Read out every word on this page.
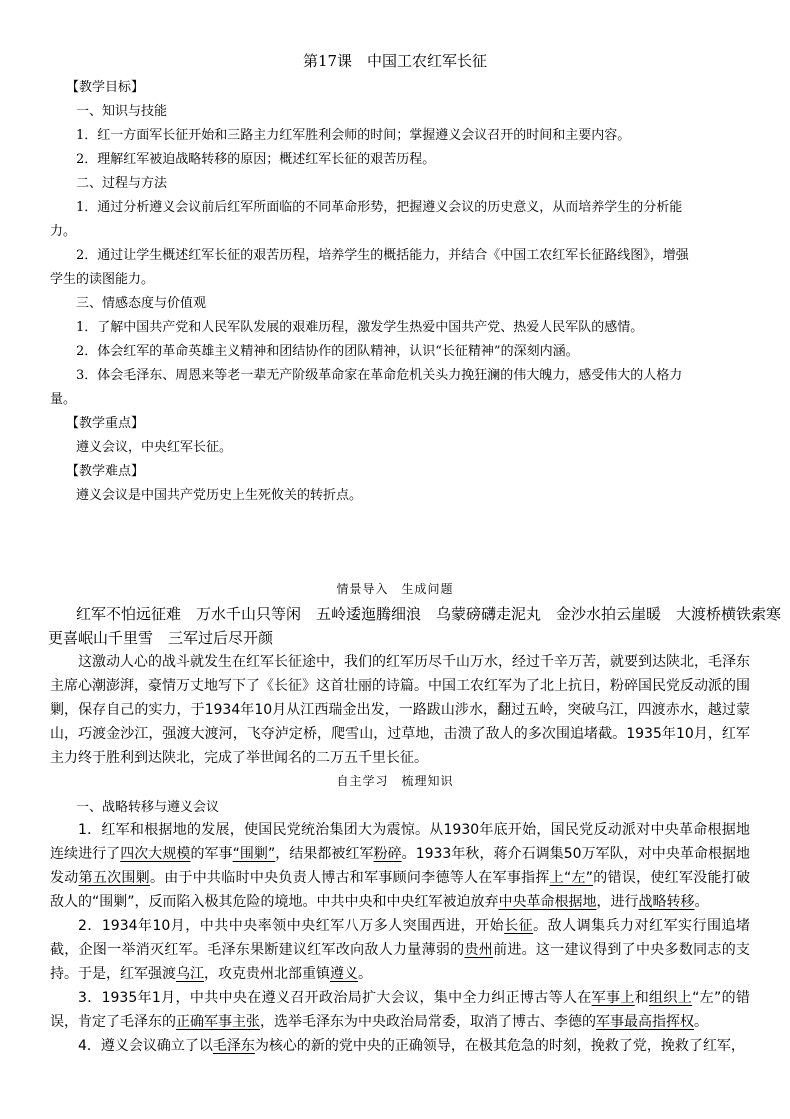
第17课　中国工农红军长征
【教学目标】
一、知识与技能
1．红一方面军长征开始和三路主力红军胜利会师的时间；掌握遵义会议召开的时间和主要内容。
2．理解红军被迫战略转移的原因；概述红军长征的艰苦历程。
二、过程与方法
1．通过分析遵义会议前后红军所面临的不同革命形势，把握遵义会议的历史意义，从而培养学生的分析能
力。
2．通过让学生概述红军长征的艰苦历程，培养学生的概括能力，并结合《中国工农红军长征路线图》，增强
学生的读图能力。
三、情感态度与价值观
1．了解中国共产党和人民军队发展的艰难历程，激发学生热爱中国共产党、热爱人民军队的感情。
2．体会红军的革命英雄主义精神和团结协作的团队精神，认识“长征精神”的深刻内涵。
3．体会毛泽东、周恩来等老一辈无产阶级革命家在革命危机关头力挽狂澜的伟大魄力，感受伟大的人格力
量。
【教学重点】
遵义会议，中央红军长征。
【教学难点】
遵义会议是中国共产党历史上生死攸关的转折点。
情景导入　生成问题
红军不怕远征难　万水千山只等闲　五岭逶迤腾细浪　乌蒙磅礴走泥丸　金沙水拍云崖暖　大渡桥横铁索寒
更喜岷山千里雪　三军过后尽开颜
这激动人心的战斗就发生在红军长征途中，我们的红军历尽千山万水，经过千辛万苦，就要到达陕北，毛泽东主席心潮澎湃，豪情万丈地写下了《长征》这首壮丽的诗篇。中国工农红军为了北上抗日，粉碎国民党反动派的围剿，保存自己的实力，于1934年10月从江西瑞金出发，一路跋山涉水，翻过五岭，突破乌江，四渡赤水，越过蒙山，巧渡金沙江，强渡大渡河，飞夺泸定桥，爬雪山，过草地，击溃了敌人的多次围追堵截。1935年10月，红军主力终于胜利到达陕北，完成了举世闻名的二万五千里长征。
自主学习　梳理知识
一、战略转移与遵义会议
1．红军和根据地的发展，使国民党统治集团大为震惊。从1930年底开始，国民党反动派对中央革命根据地连续进行了四次大规模的军事“围剿”，结果都被红军粉碎。1933年秋，蒋介石调集50万军队，对中央革命根据地发动第五次围剿。由于中共临时中央负责人博古和军事顾问李德等人在军事指挥上“左”的错误，使红军没能打破敌人的“围剿”，反而陷入极其危险的境地。中共中央和中央红军被迫放弃中央革命根据地，进行战略转移。
2．1934年10月，中共中央率领中央红军八万多人突围西进，开始长征。敌人调集兵力对红军实行围追堵截，企图一举消灭红军。毛泽东果断建议红军改向敌人力量薄弱的贵州前进。这一建议得到了中央多数同志的支持。于是，红军强渡乌江，攻克贵州北部重镇遵义。
3．1935年1月，中共中央在遵义召开政治局扩大会议，集中全力纠正博古等人在军事上和组织上“左”的错误，肯定了毛泽东的正确军事主张，选举毛泽东为中央政治局常委，取消了博古、李德的军事最高指挥权。
4．遵义会议确立了以毛泽东为核心的新的党中央的正确领导，在极其危急的时刻，挽救了党，挽救了红军，
